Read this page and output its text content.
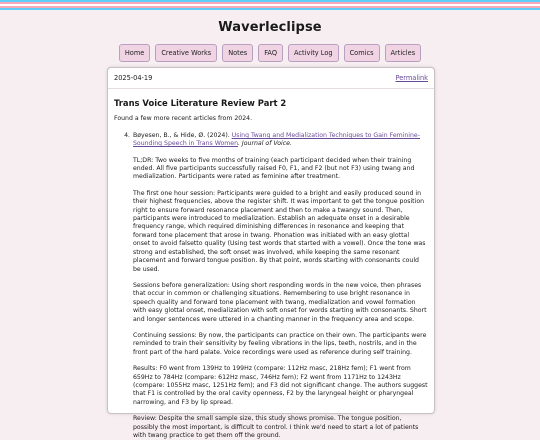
Waverleclipse
Home	Creative Works	Notes	FAQ	Activity Log	Comics	Articles
2025-04-19	Permalink
Trans Voice Literature Review Part 2

Found a few more recent articles from 2024.

4. Bøyesen, B., & Hide, Ø. (2024). Using Twang and Medialization Techniques to Gain Feminine-Sounding Speech in Trans Women. Journal of Voice.

TL;DR: Two weeks to five months of training (each participant decided when their training ended. All five participants successfully raised F0, F1, and F2 (but not F3) using twang and medialization. Participants were rated as feminine after treatment.

The first one hour session: Participants were guided to a bright and easily produced sound in their highest frequencies, above the register shift. It was important to get the tongue position right to ensure forward resonance placement and then to make a twangy sound. Then, participants were introduced to medialization. Establish an adequate onset in a desirable frequency range, which required diminishing differences in resonance and keeping that forward tone placement that arose in twang. Phonation was initiated with an easy glottal onset to avoid falsetto quality (Using test words that started with a vowel). Once the tone was strong and established, the soft onset was involved, while keeping the same resonant placement and forward tongue position. By that point, words starting with consonants could be used.

Sessions before generalization: Using short responding words in the new voice, then phrases that occur in common or challenging situations. Remembering to use bright resonance in speech quality and forward tone placement with twang, medialization and vowel formation with easy glottal onset, medialization with soft onset for words starting with consonants. Short and longer sentences were uttered in a chanting manner in the frequency area and scope.

Continuing sessions: By now, the participants can practice on their own. The participants were reminded to train their sensitivity by feeling vibrations in the lips, teeth, nostrils, and in the front part of the hard palate. Voice recordings were used as reference during self training.

Results: F0 went from 139Hz to 199Hz (compare: 112Hz masc, 218Hz fem); F1 went from 659Hz to 784Hz (compare: 612Hz masc, 746Hz fem); F2 went from 1171Hz to 1243Hz (compare: 1055Hz masc, 1251Hz fem); and F3 did not significant change. The authors suggest that F1 is controlled by the oral cavity openness, F2 by the laryngeal height or pharyngeal narrowing, and F3 by lip spread.

Review: Despite the small sample size, this study shows promise. The tongue position, possibly the most important, is difficult to control. I think we'd need to start a lot of patients with twang practice to get them off the ground.
